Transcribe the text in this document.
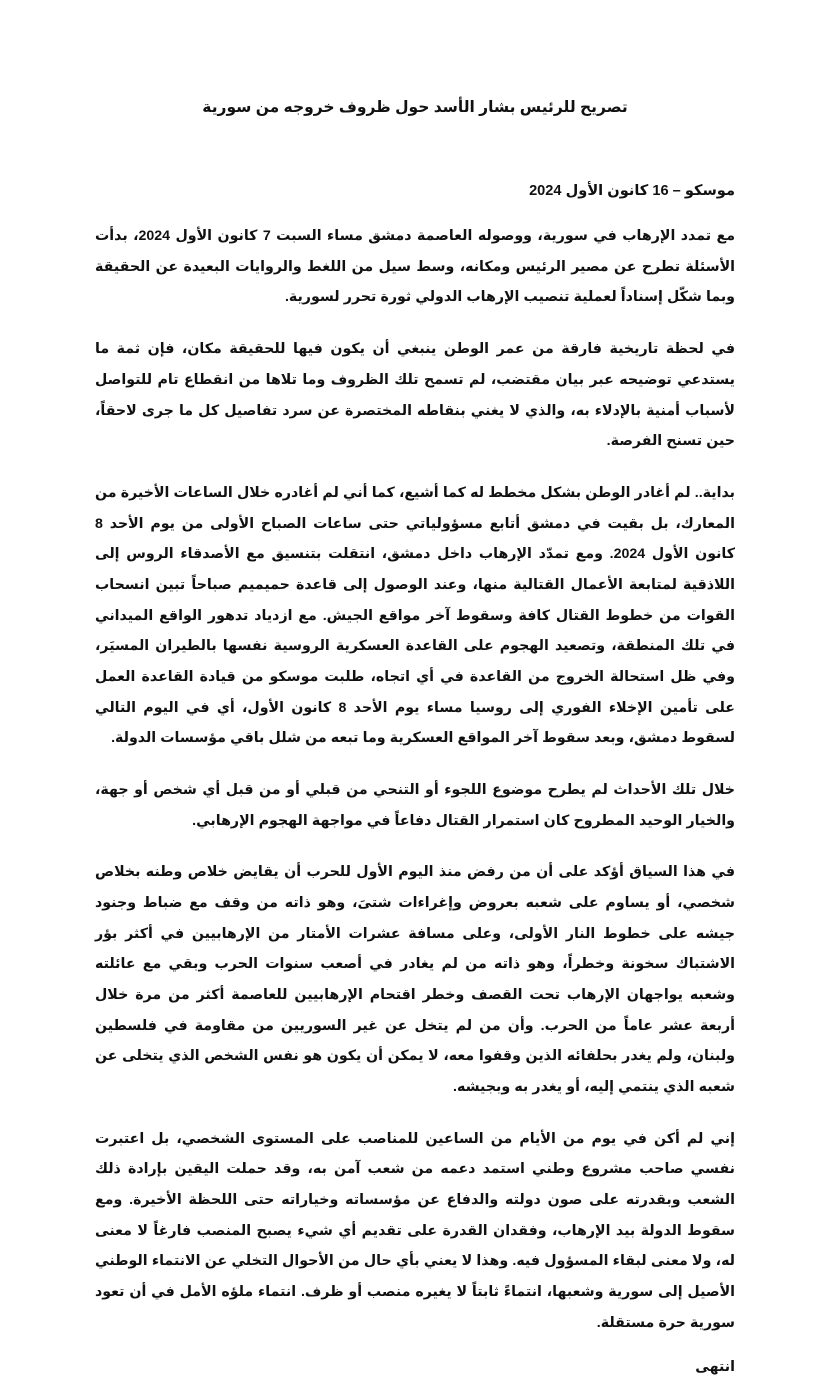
تصريح للرئيس بشار الأسد حول ظروف خروجه من سورية

موسكو – 16 كانون الأول 2024

مع تمدد الإرهاب في سورية، ووصوله العاصمة دمشق مساء السبت 7 كانون الأول 2024، بدأت الأسئلة تطرح عن مصير الرئيس ومكانه، وسط سيل من اللغط والروايات البعيدة عن الحقيقة وبما شكّل إسناداً لعملية تنصيب الإرهاب الدولي ثورة تحرر لسورية.

في لحظة تاريخية فارقة من عمر الوطن ينبغي أن يكون فيها للحقيقة مكان، فإن ثمة ما يستدعي توضيحه عبر بيان مقتضب، لم تسمح تلك الظروف وما تلاها من انقطاع تام للتواصل لأسباب أمنية بالإدلاء به، والذي لا يغني بنقاطه المختصرة عن سرد تفاصيل كل ما جرى لاحقاً، حين تسنح الفرصة.

بداية.. لم أغادر الوطن بشكل مخطط له كما أشيع، كما أني لم أغادره خلال الساعات الأخيرة من المعارك، بل بقيت في دمشق أتابع مسؤولياتي حتى ساعات الصباح الأولى من يوم الأحد 8 كانون الأول 2024. ومع تمدّد الإرهاب داخل دمشق، انتقلت بتنسيق مع الأصدقاء الروس إلى اللاذقية لمتابعة الأعمال القتالية منها، وعند الوصول إلى قاعدة حميميم صباحاً تبين انسحاب القوات من خطوط القتال كافة وسقوط آخر مواقع الجيش. مع ازدياد تدهور الواقع الميداني في تلك المنطقة، وتصعيد الهجوم على القاعدة العسكرية الروسية نفسها بالطيران المسيَر، وفي ظل استحالة الخروج من القاعدة في أي اتجاه، طلبت موسكو من قيادة القاعدة العمل على تأمين الإخلاء الفوري إلى روسيا مساء يوم الأحد 8 كانون الأول، أي في اليوم التالي لسقوط دمشق، وبعد سقوط آخر المواقع العسكرية وما تبعه من شلل باقي مؤسسات الدولة.

خلال تلك الأحداث لم يطرح موضوع اللجوء أو التنحي من قبلي أو من قبل أي شخص أو جهة، والخيار الوحيد المطروح كان استمرار القتال دفاعاً في مواجهة الهجوم الإرهابي.

في هذا السياق أؤكد على أن من رفض منذ اليوم الأول للحرب أن يقايض خلاص وطنه بخلاص شخصي، أو يساوم على شعبه بعروض وإغراءات شتىَ، وهو ذاته من وقف مع ضباط وجنود جيشه على خطوط النار الأولى، وعلى مسافة عشرات الأمتار من الإرهابيين في أكثر بؤر الاشتباك سخونة وخطراً، وهو ذاته من لم يغادر في أصعب سنوات الحرب وبقي مع عائلته وشعبه يواجهان الإرهاب تحت القصف وخطر اقتحام الإرهابيين للعاصمة أكثر من مرة خلال أربعة عشر عاماً من الحرب. وأن من لم يتخل عن غير السوريين من مقاومة في فلسطين ولبنان، ولم يغدر بحلفائه الذين وقفوا معه، لا يمكن أن يكون هو نفس الشخص الذي يتخلى عن شعبه الذي ينتمي إليه، أو يغدر به وبجيشه.

إني لم أكن في يوم من الأيام من الساعين للمناصب على المستوى الشخصي، بل اعتبرت نفسي صاحب مشروع وطني استمد دعمه من شعب آمن به، وقد حملت اليقين بإرادة ذلك الشعب وبقدرته على صون دولته والدفاع عن مؤسساته وخياراته حتى اللحظة الأخيرة. ومع سقوط الدولة بيد الإرهاب، وفقدان القدرة على تقديم أي شيء يصبح المنصب فارغاً لا معنى له، ولا معنى لبقاء المسؤول فيه. وهذا لا يعني بأي حال من الأحوال التخلي عن الانتماء الوطني الأصيل إلى سورية وشعبها، انتماءً ثابتاً لا يغيره منصب أو ظرف. انتماء ملؤه الأمل في أن تعود سورية حرة مستقلة.

انتهى
